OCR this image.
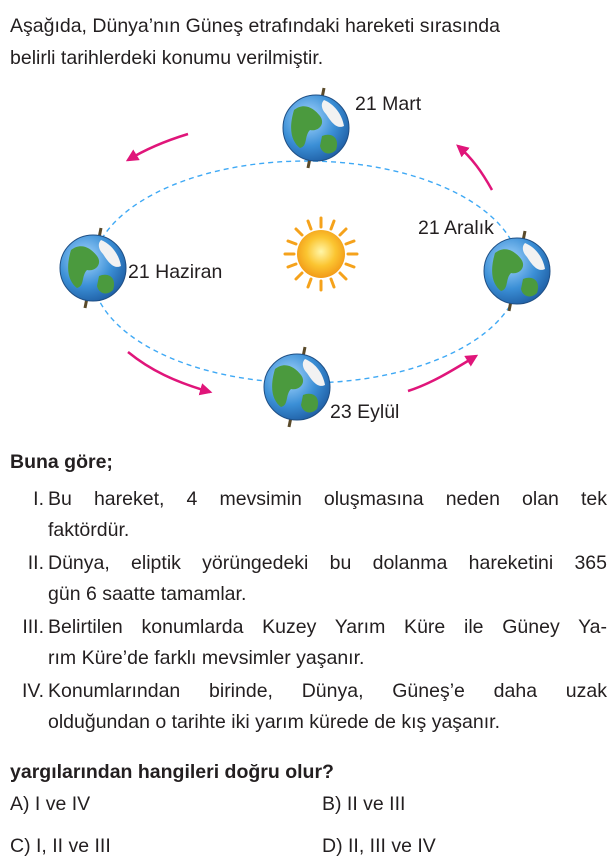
Aşağıda, Dünya’nın Güneş etrafındaki hareketi sırasında
belirli tarihlerdeki konumu verilmiştir.
21 Mart
21 Aralık
21 Haziran
23 Eylül
Buna göre;
I. Bu hareket, 4 mevsimin oluşmasına neden olan tek
faktördür.
II. Dünya, eliptik yörüngedeki bu dolanma hareketini 365
gün 6 saatte tamamlar.
III. Belirtilen konumlarda Kuzey Yarım Küre ile Güney Ya-
rım Küre’de farklı mevsimler yaşanır.
IV. Konumlarından birinde, Dünya, Güneş’e daha uzak
olduğundan o tarihte iki yarım kürede de kış yaşanır.
yargılarından hangileri doğru olur?
A) I ve IV	B) II ve III
C) I, II ve III	D) II, III ve IV
